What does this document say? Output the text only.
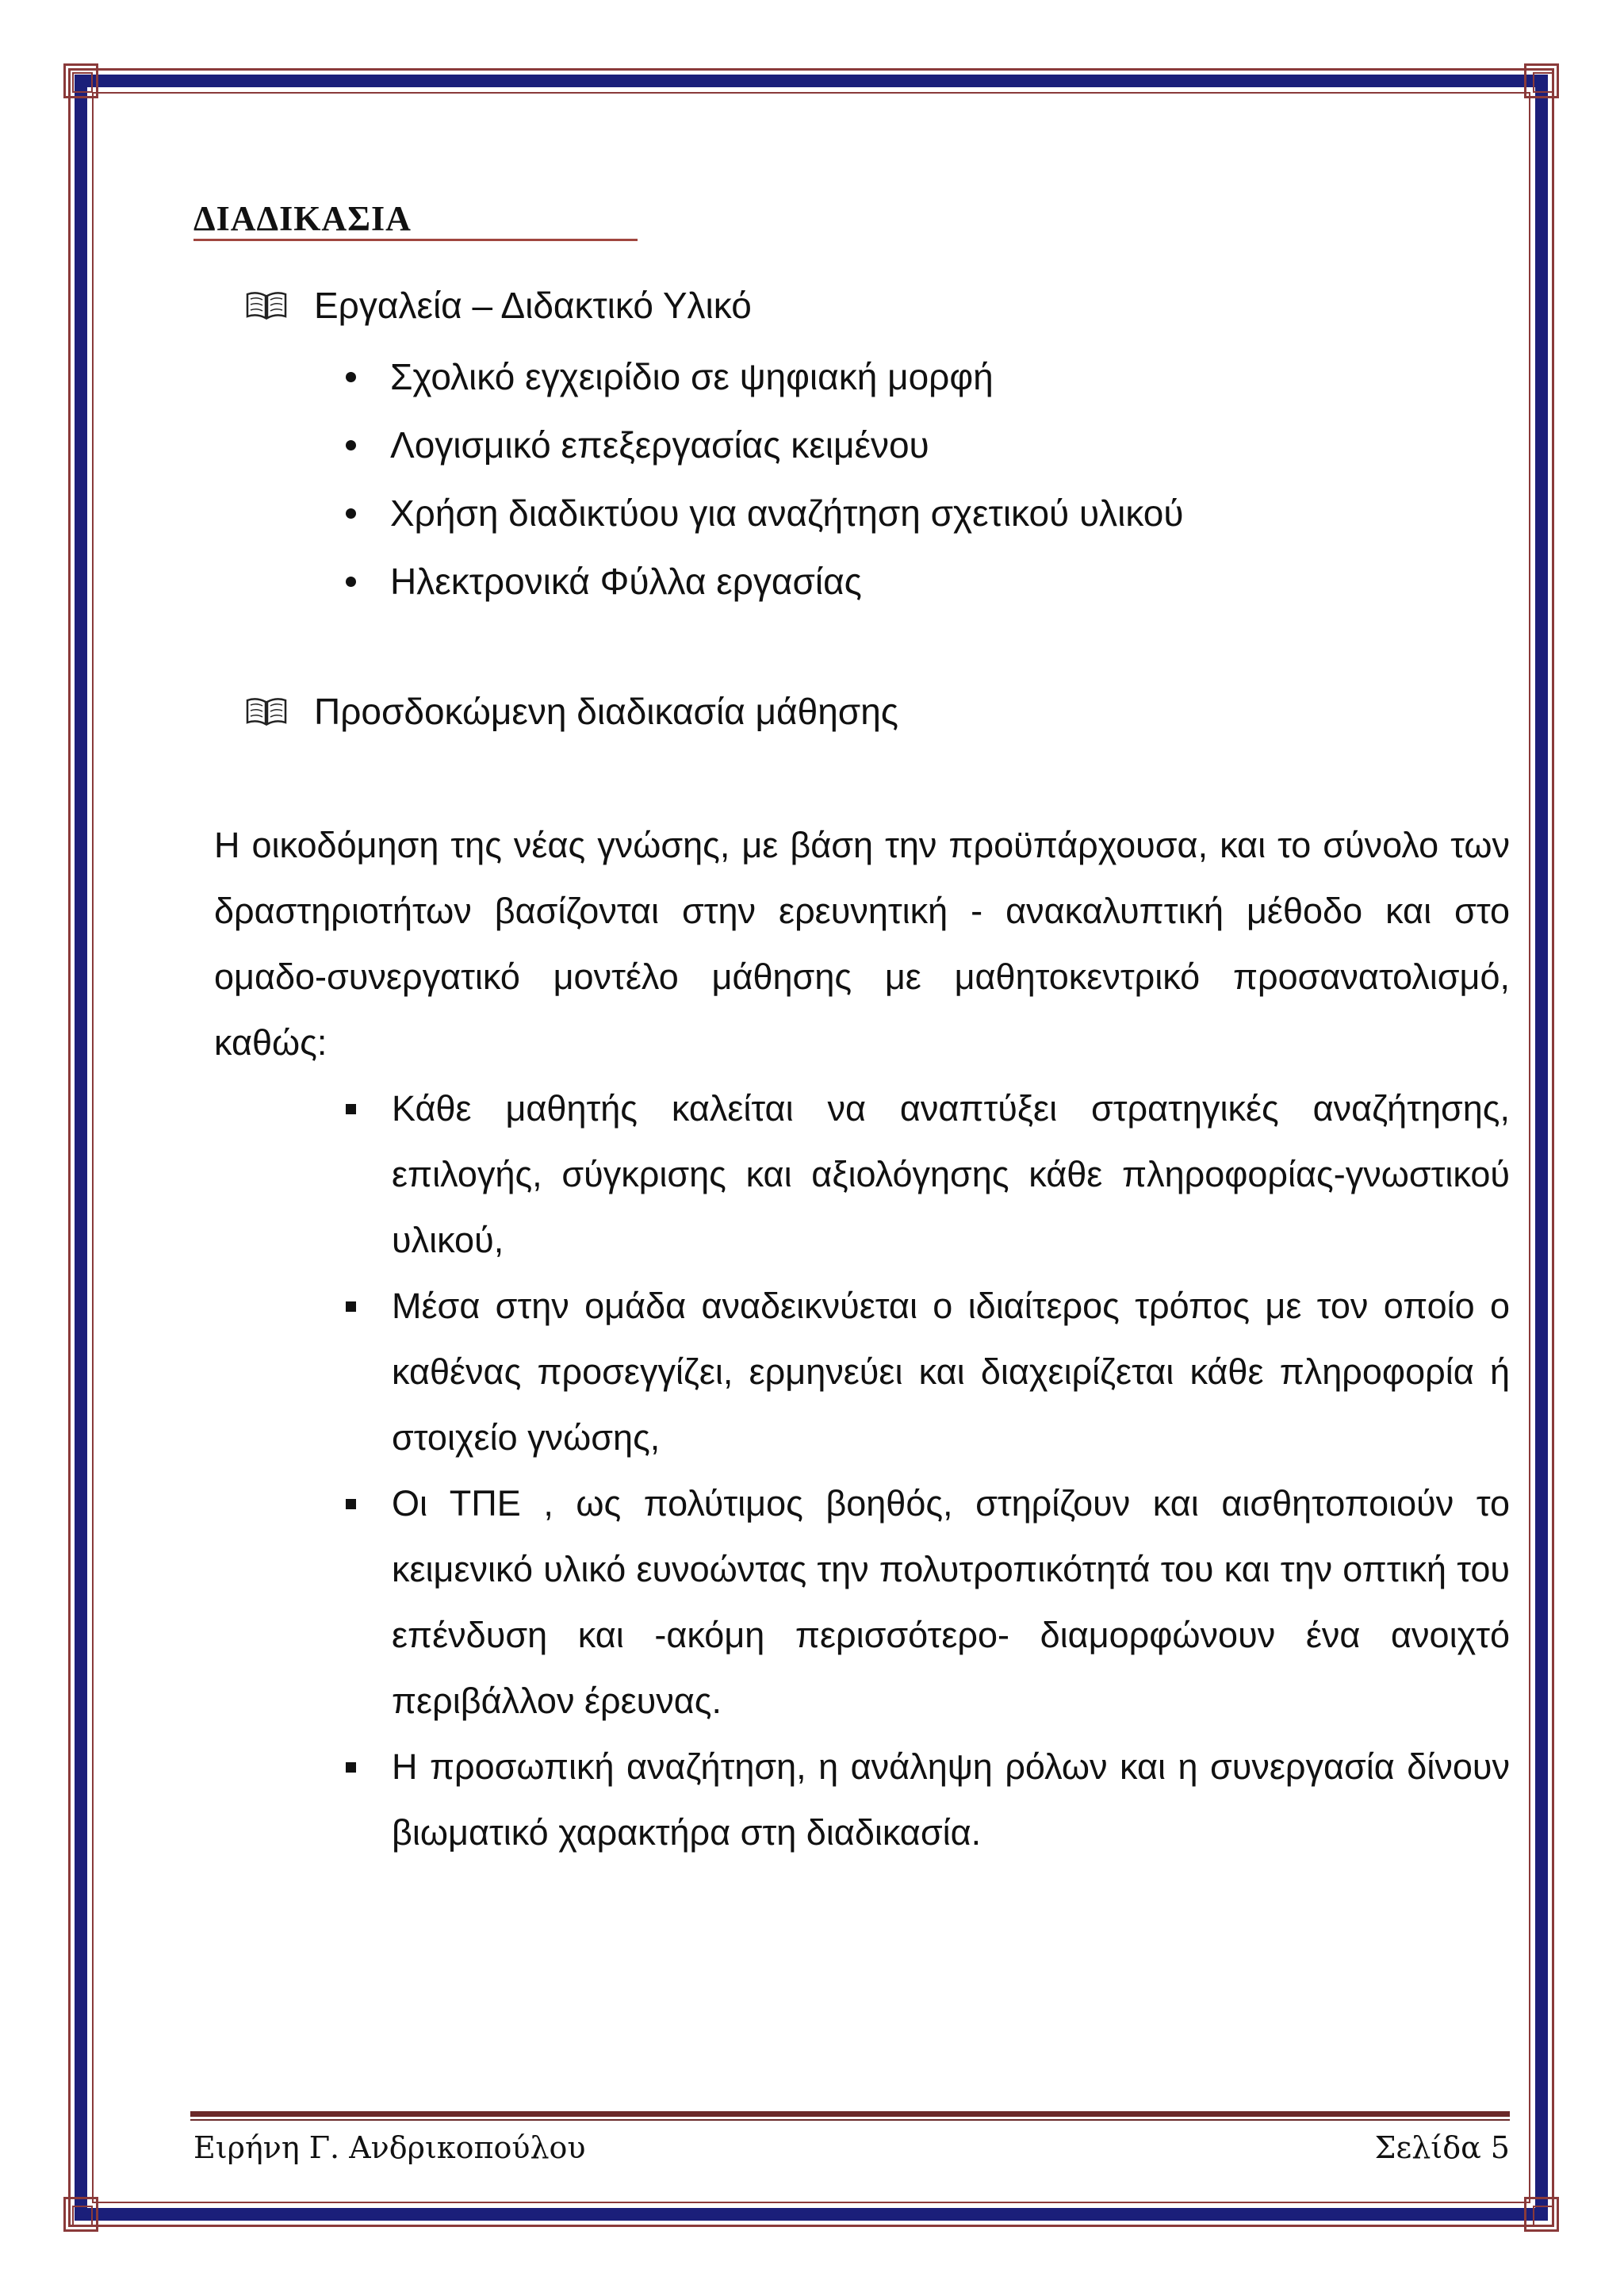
ΔΙΑΔΙΚΑΣΙΑ
Εργαλεία – Διδακτικό Υλικό
Σχολικό εγχειρίδιο σε ψηφιακή μορφή
Λογισμικό επεξεργασίας κειμένου
Χρήση διαδικτύου για αναζήτηση σχετικού υλικού
Ηλεκτρονικά Φύλλα εργασίας
Προσδοκώμενη διαδικασία μάθησης

Η οικοδόμηση της νέας γνώσης, με βάση την προϋπάρχουσα, και το σύνολο των δραστηριοτήτων βασίζονται στην ερευνητική - ανακαλυπτική μέθοδο και στο ομαδο-συνεργατικό μοντέλο μάθησης με μαθητοκεντρικό προσανατολισμό, καθώς:

Κάθε μαθητής καλείται να αναπτύξει στρατηγικές αναζήτησης, επιλογής, σύγκρισης και αξιολόγησης κάθε πληροφορίας-γνωστικού υλικού,
Μέσα στην ομάδα αναδεικνύεται ο ιδιαίτερος τρόπος με τον οποίο ο καθένας προσεγγίζει, ερμηνεύει και διαχειρίζεται κάθε πληροφορία ή στοιχείο γνώσης,
Οι ΤΠΕ , ως πολύτιμος βοηθός, στηρίζουν και αισθητοποιούν το κειμενικό υλικό ευνοώντας την πολυτροπικότητά του και την οπτική του επένδυση και -ακόμη περισσότερο- διαμορφώνουν ένα ανοιχτό περιβάλλον έρευνας.
Η προσωπική αναζήτηση, η ανάληψη ρόλων και η συνεργασία δίνουν βιωματικό χαρακτήρα στη διαδικασία.
Ειρήνη Γ. Ανδρικοπούλου	Σελίδα 5
